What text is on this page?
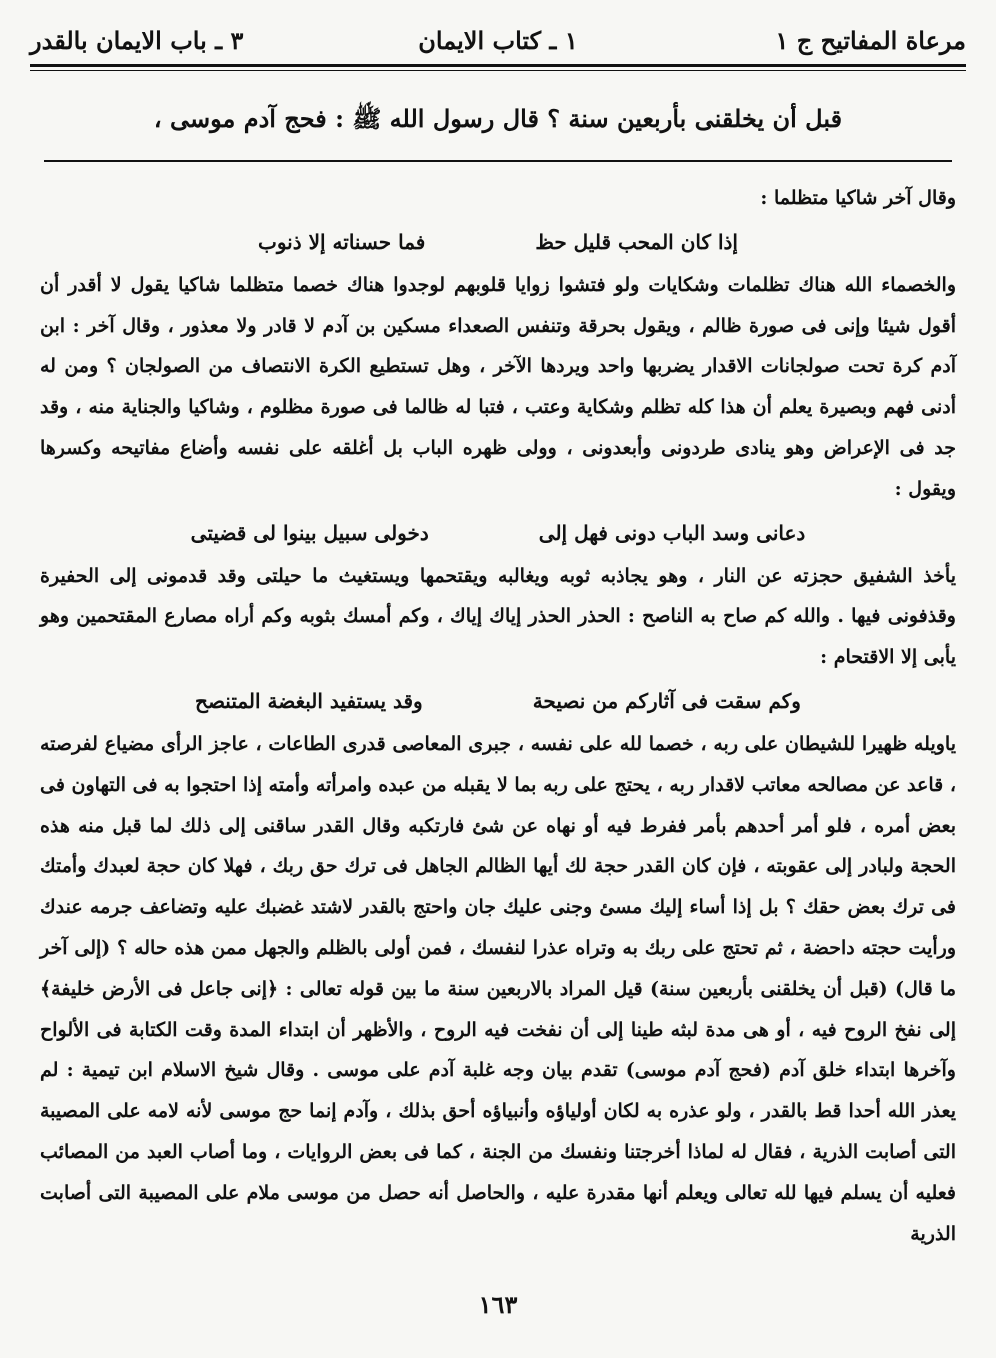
مرعاة المفاتيح ج ١
١ ـ كتاب الايمان
٣ ـ باب الايمان بالقدر
قبل أن يخلقنى بأربعين سنة ؟ قال رسول الله ﷺ : فحج آدم موسى ،

وقال آخر شاكيا متظلما :

إذا كان المحب قليل حظ
فما حسناته إلا ذنوب

والخصماء الله هناك تظلمات وشكايات ولو فتشوا زوايا قلوبهم لوجدوا هناك خصما متظلما شاكيا يقول لا أقدر أن أقول شيئا وإنى فى صورة ظالم ، ويقول بحرقة وتنفس الصعداء مسكين بن آدم لا قادر ولا معذور ، وقال آخر : ابن آدم كرة تحت صولجانات الاقدار يضربها واحد ويردها الآخر ، وهل تستطيع الكرة الانتصاف من الصولجان ؟ ومن له أدنى فهم وبصيرة يعلم أن هذا كله تظلم وشكاية وعتب ، فتبا له ظالما فى صورة مظلوم ، وشاكيا والجناية منه ، وقد جد فى الإعراض وهو ينادى طردونى وأبعدونى ، وولى ظهره الباب بل أغلقه على نفسه وأضاع مفاتيحه وكسرها ويقول :

دعانى وسد الباب دونى فهل إلى
دخولى سبيل بينوا لى قضيتى

يأخذ الشفيق حجزته عن النار ، وهو يجاذبه ثوبه ويغالبه ويقتحمها ويستغيث ما حيلتى وقد قدمونى إلى الحفيرة وقذفونى فيها . والله كم صاح به الناصح : الحذر الحذر إياك إياك ، وكم أمسك بثوبه وكم أراه مصارع المقتحمين وهو يأبى إلا الاقتحام :

وكم سقت فى آثاركم من نصيحة
وقد يستفيد البغضة المتنصح

ياويله ظهيرا للشيطان على ربه ، خصما لله على نفسه ، جبرى المعاصى قدرى الطاعات ، عاجز الرأى مضياع لفرصته ، قاعد عن مصالحه معاتب لاقدار ربه ، يحتج على ربه بما لا يقبله من عبده وامرأته وأمته إذا احتجوا به فى التهاون فى بعض أمره ، فلو أمر أحدهم بأمر ففرط فيه أو نهاه عن شئ فارتكبه وقال القدر ساقنى إلى ذلك لما قبل منه هذه الحجة ولبادر إلى عقوبته ، فإن كان القدر حجة لك أيها الظالم الجاهل فى ترك حق ربك ، فهلا كان حجة لعبدك وأمتك فى ترك بعض حقك ؟ بل إذا أساء إليك مسئ وجنى عليك جان واحتج بالقدر لاشتد غضبك عليه وتضاعف جرمه عندك ورأيت حجته داحضة ، ثم تحتج على ربك به وتراه عذرا لنفسك ، فمن أولى بالظلم والجهل ممن هذه حاله ؟ (إلى آخر ما قال) (قبل أن يخلقنى بأربعين سنة) قيل المراد بالاربعين سنة ما بين قوله تعالى : ﴿إنى جاعل فى الأرض خليفة﴾ إلى نفخ الروح فيه ، أو هى مدة لبثه طينا إلى أن نفخت فيه الروح ، والأظهر أن ابتداء المدة وقت الكتابة فى الألواح وآخرها ابتداء خلق آدم (فحج آدم موسى) تقدم بيان وجه غلبة آدم على موسى . وقال شيخ الاسلام ابن تيمية : لم يعذر الله أحدا قط بالقدر ، ولو عذره به لكان أولياؤه وأنبياؤه أحق بذلك ، وآدم إنما حج موسى لأنه لامه على المصيبة التى أصابت الذرية ، فقال له لماذا أخرجتنا ونفسك من الجنة ، كما فى بعض الروايات ، وما أصاب العبد من المصائب فعليه أن يسلم فيها لله تعالى ويعلم أنها مقدرة عليه ، والحاصل أنه حصل من موسى ملام على المصيبة التى أصابت الذرية

١٦٣
